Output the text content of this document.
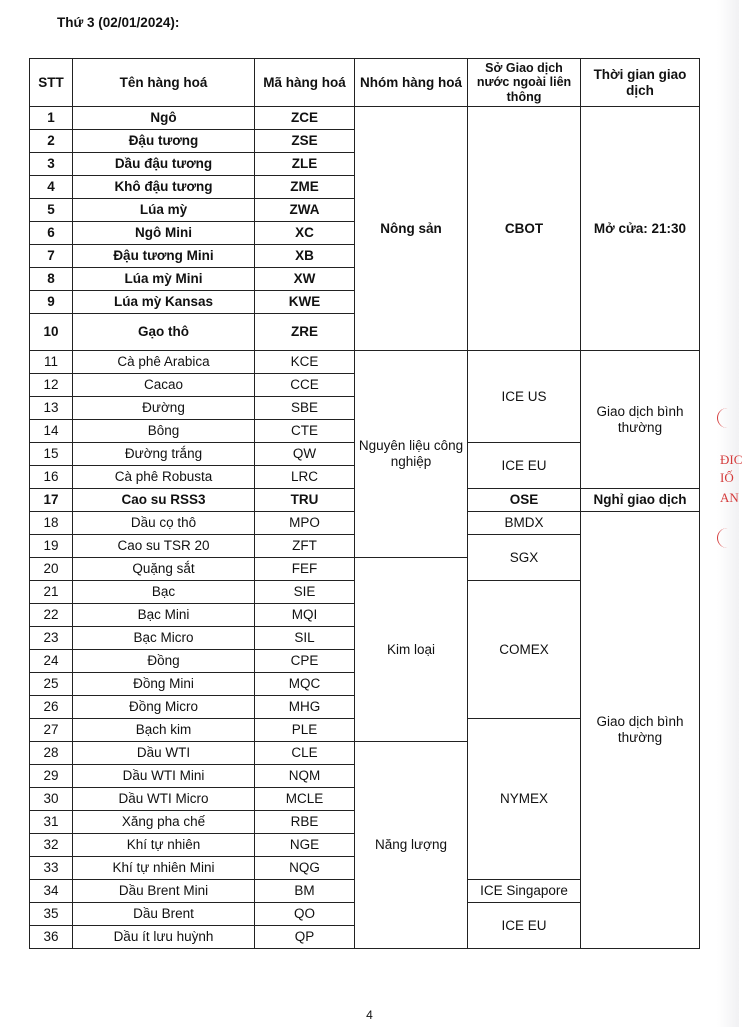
Thứ 3 (02/01/2024):
STT	Tên hàng hoá	Mã hàng hoá	Nhóm hàng hoá	Sở Giao dịch nước ngoài liên thông	Thời gian giao dịch
1	Ngô	ZCE	Nông sản	CBOT	Mở cửa: 21:30
2	Đậu tương	ZSE			
3	Dầu đậu tương	ZLE			
4	Khô đậu tương	ZME			
5	Lúa mỳ	ZWA			
6	Ngô Mini	XC			
7	Đậu tương Mini	XB			
8	Lúa mỳ Mini	XW			
9	Lúa mỳ Kansas	KWE			
10	Gạo thô	ZRE			
11	Cà phê Arabica	KCE	Nguyên liệu công nghiệp	ICE US	Giao dịch bình thường
12	Cacao	CCE			
13	Đường	SBE			
14	Bông	CTE			
15	Đường trắng	QW		ICE EU	
16	Cà phê Robusta	LRC			
17	Cao su RSS3	TRU		OSE	Nghỉ giao dịch
18	Dầu cọ thô	MPO		BMDX	Giao dịch bình thường
19	Cao su TSR 20	ZFT		SGX	
20	Quặng sắt	FEF	Kim loại		
21	Bạc	SIE		COMEX	
22	Bạc Mini	MQI			
23	Bạc Micro	SIL			
24	Đồng	CPE			
25	Đồng Mini	MQC			
26	Đồng Micro	MHG			
27	Bạch kim	PLE		NYMEX	
28	Dầu WTI	CLE	Năng lượng		
29	Dầu WTI Mini	NQM			
30	Dầu WTI Micro	MCLE			
31	Xăng pha chế	RBE			
32	Khí tự nhiên	NGE			
33	Khí tự nhiên Mini	NQG			
34	Dầu Brent Mini	BM		ICE Singapore	
35	Dầu Brent	QO		ICE EU	
36	Dầu ít lưu huỳnh	QP			
ĐIC
IỐ
AN
4
